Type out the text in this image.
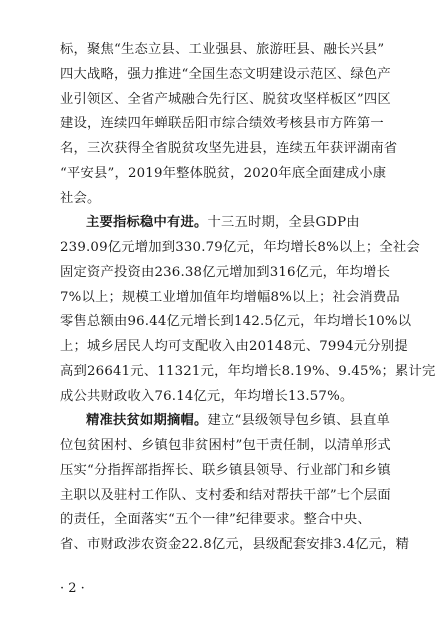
标，聚焦“生态立县、工业强县、旅游旺县、融长兴县”
四大战略，强力推进“全国生态文明建设示范区、绿色产
业引领区、全省产城融合先行区、脱贫攻坚样板区”四区
建设，连续四年蝉联岳阳市综合绩效考核县市方阵第一
名，三次获得全省脱贫攻坚先进县，连续五年获评湖南省
“平安县”，2019年整体脱贫，2020年底全面建成小康
社会。
主要指标稳中有进。十三五时期，全县GDP由
239.09亿元增加到330.79亿元，年均增长8%以上；全社会
固定资产投资由236.38亿元增加到316亿元，年均增长
7%以上；规模工业增加值年均增幅8%以上；社会消费品
零售总额由96.44亿元增长到142.5亿元，年均增长10%以
上；城乡居民人均可支配收入由20148元、7994元分别提
高到26641元、11321元，年均增长8.19%、9.45%；累计完
成公共财政收入76.14亿元，年均增长13.57%。
精准扶贫如期摘帽。建立“县级领导包乡镇、县直单
位包贫困村、乡镇包非贫困村”包干责任制，以清单形式
压实“分指挥部指挥长、联乡镇县领导、行业部门和乡镇
主职以及驻村工作队、支村委和结对帮扶干部”七个层面
的责任，全面落实“五个一律”纪律要求。整合中央、
省、市财政涉农资金22.8亿元，县级配套安排3.4亿元，精
· 2 ·
